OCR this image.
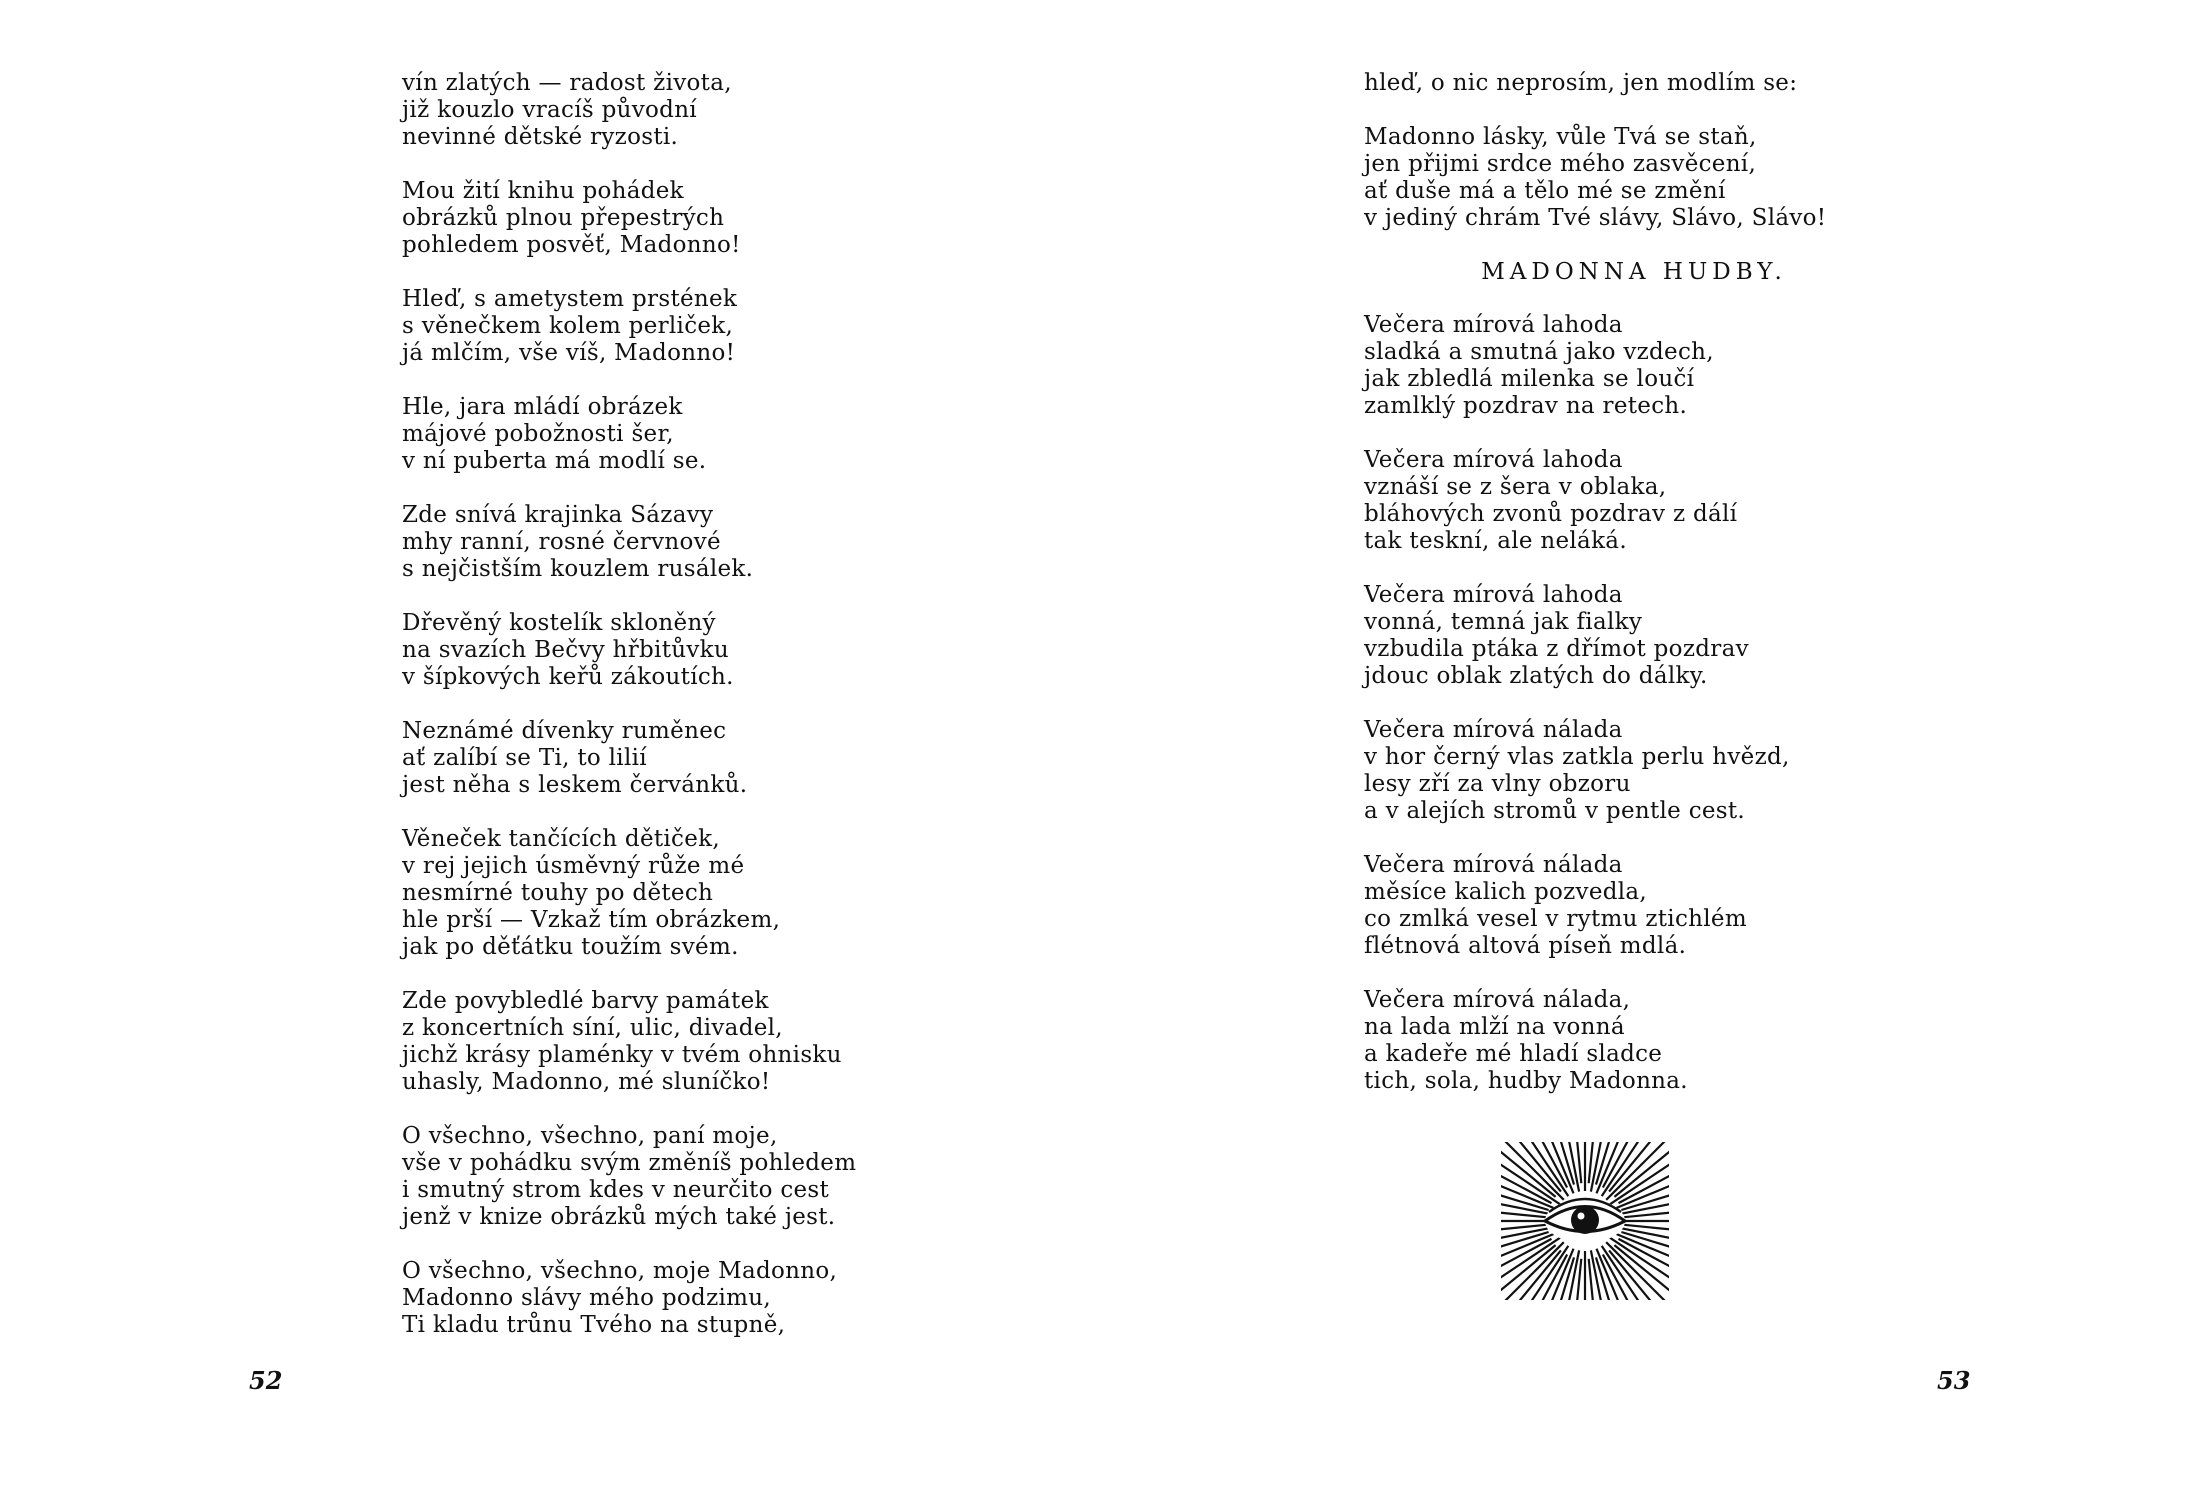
vín zlatých — radost života,
již kouzlo vracíš původní
nevinné dětské ryzosti.
Mou žití knihu pohádek
obrázků plnou přepestrých
pohledem posvěť, Madonno!
Hleď, s ametystem prstének
s věnečkem kolem perliček,
já mlčím, vše víš, Madonno!
Hle, jara mládí obrázek
májové pobožnosti šer,
v ní puberta má modlí se.
Zde snívá krajinka Sázavy
mhy ranní, rosné červnové
s nejčistším kouzlem rusálek.
Dřevěný kostelík skloněný
na svazích Bečvy hřbitůvku
v šípkových keřů zákoutích.
Neznámé dívenky ruměnec
ať zalíbí se Ti, to lilií
jest něha s leskem červánků.
Věneček tančících dětiček,
v rej jejich úsměvný růže mé
nesmírné touhy po dětech
hle prší — Vzkaž tím obrázkem,
jak po děťátku toužím svém.
Zde povybledlé barvy památek
z koncertních síní, ulic, divadel,
jichž krásy plaménky v tvém ohnisku
uhasly, Madonno, mé sluníčko!
O všechno, všechno, paní moje,
vše v pohádku svým změníš pohledem
i smutný strom kdes v neurčito cest
jenž v knize obrázků mých také jest.
O všechno, všechno, moje Madonno,
Madonno slávy mého podzimu,
Ti kladu trůnu Tvého na stupně,
52
hleď, o nic neprosím, jen modlím se:
Madonno lásky, vůle Tvá se staň,
jen přijmi srdce mého zasvěcení,
ať duše má a tělo mé se změní
v jediný chrám Tvé slávy, Slávo, Slávo!
MADONNA HUDBY.
Večera mírová lahoda
sladká a smutná jako vzdech,
jak zbledlá milenka se loučí
zamlklý pozdrav na retech.
Večera mírová lahoda
vznáší se z šera v oblaka,
bláhových zvonů pozdrav z dálí
tak teskní, ale neláká.
Večera mírová lahoda
vonná, temná jak fialky
vzbudila ptáka z dřímot pozdrav
jdouc oblak zlatých do dálky.
Večera mírová nálada
v hor černý vlas zatkla perlu hvězd,
lesy zří za vlny obzoru
a v alejích stromů v pentle cest.
Večera mírová nálada
měsíce kalich pozvedla,
co zmlká vesel v rytmu ztichlém
flétnová altová píseň mdlá.
Večera mírová nálada,
na lada mlží na vonná
a kadeře mé hladí sladce
tich, sola, hudby Madonna.
53
